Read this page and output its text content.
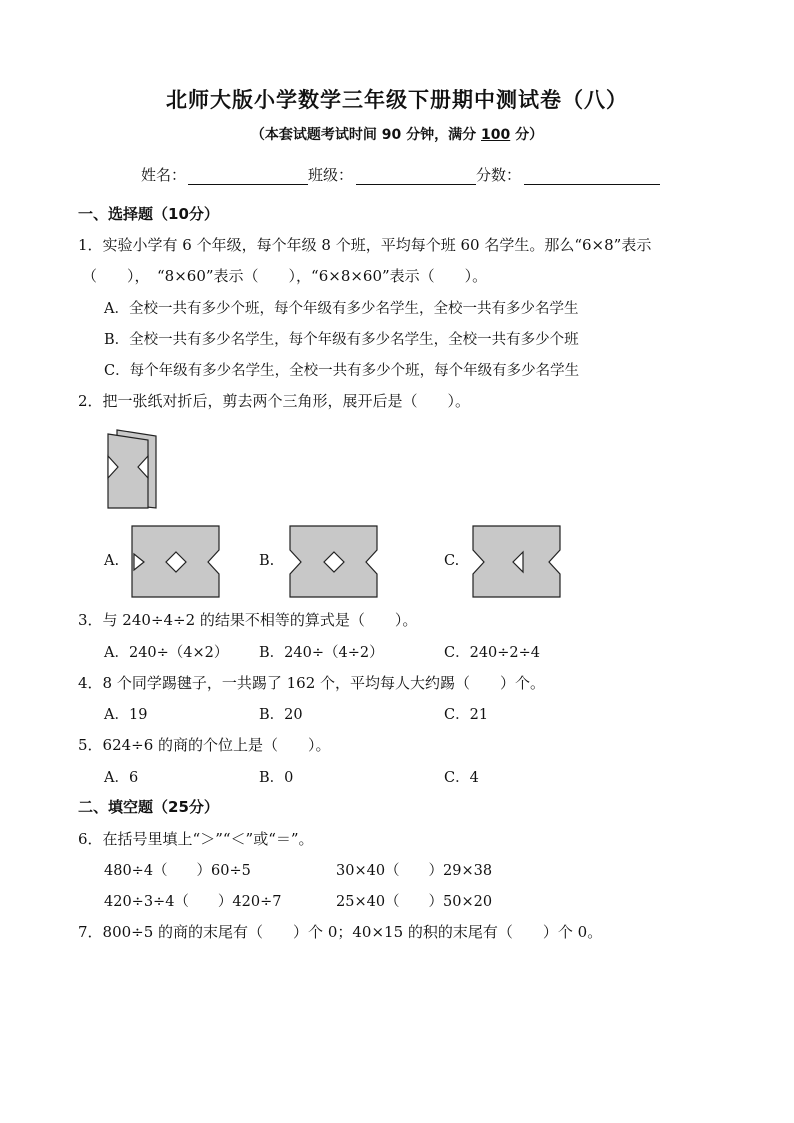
北师大版小学数学三年级下册期中测试卷（八）
（本套试题考试时间 90 分钟，满分 100 分）
姓名：	班级：	分数：
一、选择题（10分）
1．实验小学有 6 个年级，每个年级 8 个班，平均每个班 60 名学生。那么“6×8”表示
（　　），　“8×60”表示（　　），“6×8×60”表示（　　）。
A．全校一共有多少个班，每个年级有多少名学生，全校一共有多少名学生
B．全校一共有多少名学生，每个年级有多少名学生，全校一共有多少个班
C．每个年级有多少名学生，全校一共有多少个班，每个年级有多少名学生
2．把一张纸对折后，剪去两个三角形，展开后是（　　）。
A.	B.	C.
3．与 240÷4÷2 的结果不相等的算式是（　　）。
A．240÷（4×2） B．240÷（4÷2）	C．240÷2÷4
4．8 个同学踢毽子，一共踢了 162 个，平均每人大约踢（　　）个。
A．19	B．20	C．21
5．624÷6 的商的个位上是（　　）。
A．6	B．0	C．4
二、填空题（25分）
6．在括号里填上“＞”“＜”或“＝”。
480÷4（　　）60÷5	30×40（　　）29×38
420÷3÷4（　　）420÷7	25×40（　　）50×20
7．800÷5 的商的末尾有（　　）个 0；40×15 的积的末尾有（　　）个 0。
